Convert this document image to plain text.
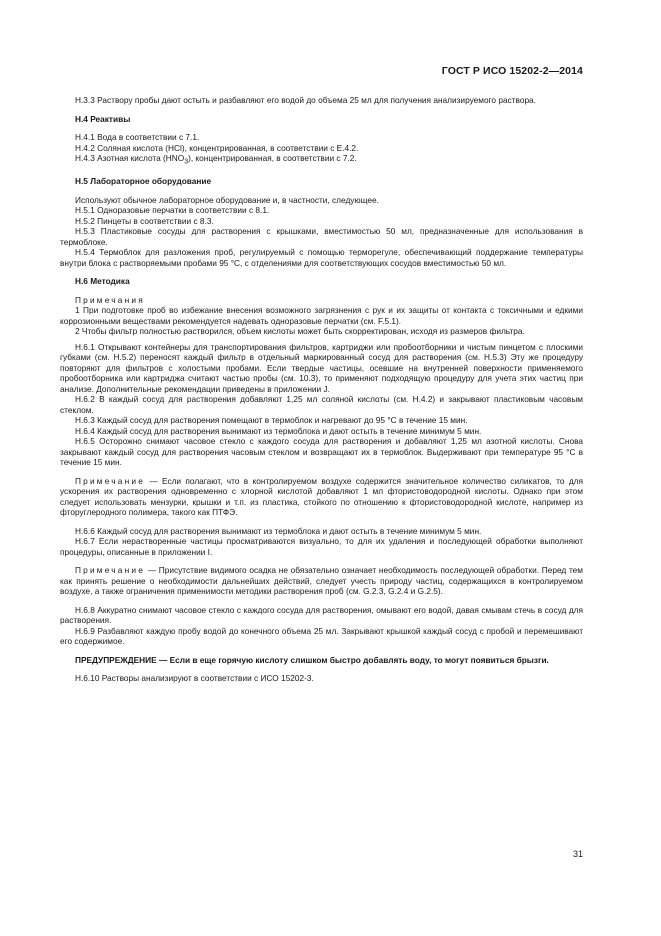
ГОСТ Р ИСО 15202-2—2014

Н.3.3 Раствору пробы дают остыть и разбавляют его водой до объема 25 мл для получения анализируемого раствора.

Н.4 Реактивы

Н.4.1 Вода в соответствии с 7.1.

Н.4.2 Соляная кислота (HCl), концентрированная, в соответствии с Е.4.2.

Н.4.3 Азотная кислота $(HNO_3)$, концентрированная, в соответствии с 7.2.

Н.5 Лабораторное оборудование

Используют обычное лабораторное оборудование и, в частности, следующее.

Н.5.1 Одноразовые перчатки в соответствии с 8.1.

Н.5.2 Пинцеты в соответствии с 8.3.

Н.5.3 Пластиковые сосуды для растворения с крышками, вместимостью 50 мл, предназначенные для использования в термоблоке.

Н.5.4 Термоблок для разложения проб, регулируемый с помощью терморегуле, обеспечивающий поддержание температуры внутри блока с растворяемыми пробами 95 °С, с отделениями для соответствующих сосудов вместимостью 50 мл.

Н.6 Методика

Примечания

1 При подготовке проб во избежание внесения возможного загрязнения с рук и их защиты от контакта с токсичными и едкими коррозионными веществами рекомендуется надевать одноразовые перчатки (см. F.5.1).

2 Чтобы фильтр полностью растворился, объем кислоты может быть скорректирован, исходя из размеров фильтра.

Н.6.1 Открывают контейнеры для транспортирования фильтров, картриджи или пробоотборники и чистым пинцетом с плоскими губками (см. Н.5.2) переносят каждый фильтр в отдельный маркированный сосуд для растворения (см. Н.5.3) Эту же процедуру повторяют для фильтров с холостыми пробами. Если твердые частицы, осевшие на внутренней поверхности применяемого пробоотборника или картриджа считают частью пробы (см. 10.3), то применяют подходящую процедуру для учета этих частиц при анализе. Дополнительные рекомендации приведены в приложении J.

Н.6.2 В каждый сосуд для растворения добавляют 1,25 мл соляной кислоты (см. Н.4.2) и закрывают пластиковым часовым стеклом.

Н.6.3 Каждый сосуд для растворения помещают в термоблок и нагревают до 95 °С в течение 15 мин.

Н.6.4 Каждый сосуд для растворения вынимают из термоблока и дают остыть в течение минимум 5 мин.

Н.6.5 Осторожно снимают часовое стекло с каждого сосуда для растворения и добавляют 1,25 мл азотной кислоты. Снова закрывают каждый сосуд для растворения часовым стеклом и возвращают их в термоблок. Выдерживают при температуре 95 °С в течение 15 мин.

Примечание — Если полагают, что в контролируемом воздухе содержится значительное количество силикатов, то для ускорения их растворения одновременно с хлорной кислотой добавляют 1 мл фтористоводородной кислоты. Однако при этом следует использовать мензурки, крышки и т.п. из пластика, стойкого по отношению к фтористоводородной кислоте, например из фторуглеродного полимера, такого как ПТФЭ.

Н.6.6 Каждый сосуд для растворения вынимают из термоблока и дают остыть в течение минимум 5 мин.

Н.6.7 Если нерастворенные частицы просматриваются визуально, то для их удаления и последующей обработки выполняют процедуры, описанные в приложении I.

Примечание — Присутствие видимого осадка не обязательно означает необходимость последующей обработки. Перед тем как принять решение о необходимости дальнейших действий, следует учесть природу частиц, содержащихся в контролируемом воздухе, а также ограничения применимости методики растворения проб (см. G.2.3, G.2.4 и G.2.5).

Н.6.8 Аккуратно снимают часовое стекло с каждого сосуда для растворения, омывают его водой, давая смывам стечь в сосуд для растворения.

Н.6.9 Разбавляют каждую пробу водой до конечного объема 25 мл. Закрывают крышкой каждый сосуд с пробой и перемешивают его содержимое.

ПРЕДУПРЕЖДЕНИЕ — Если в еще горячую кислоту слишком быстро добавлять воду, то могут появиться брызги.

Н.6.10 Растворы анализируют в соответствии с ИСО 15202-3.

31
